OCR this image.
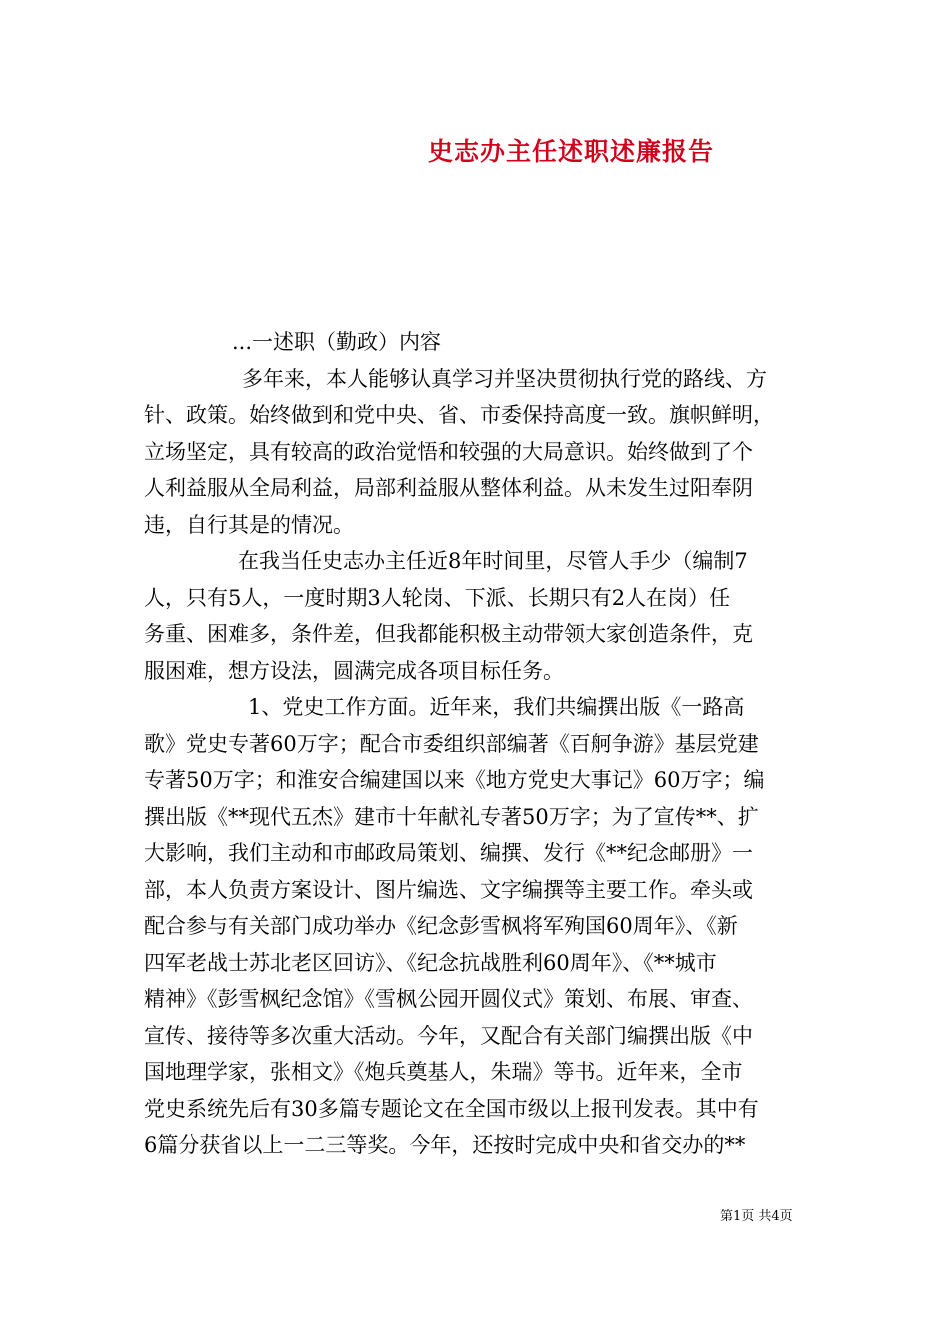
史志办主任述职述廉报告
...一述职（勤政）内容
多年来，本人能够认真学习并坚决贯彻执行党的路线、方
针、政策。始终做到和党中央、省、市委保持高度一致。旗帜鲜明，
立场坚定，具有较高的政治觉悟和较强的大局意识。始终做到了个
人利益服从全局利益，局部利益服从整体利益。从未发生过阳奉阴
违，自行其是的情况。
在我当任史志办主任近8年时间里，尽管人手少（编制7
人，只有5人，一度时期3人轮岗、下派、长期只有2人在岗）任
务重、困难多，条件差，但我都能积极主动带领大家创造条件，克
服困难，想方设法，圆满完成各项目标任务。
1、党史工作方面。近年来，我们共编撰出版《一路高
歌》党史专著60万字；配合市委组织部编著《百舸争游》基层党建
专著50万字；和淮安合编建国以来《地方党史大事记》60万字；编
撰出版《**现代五杰》建市十年献礼专著50万字；为了宣传**、扩
大影响，我们主动和市邮政局策划、编撰、发行《**纪念邮册》一
部，本人负责方案设计、图片编选、文字编撰等主要工作。牵头或
配合参与有关部门成功举办《纪念彭雪枫将军殉国60周年》、《新
四军老战士苏北老区回访》、《纪念抗战胜利60周年》、《**城市
精神》《彭雪枫纪念馆》《雪枫公园开圆仪式》策划、布展、审查、
宣传、接待等多次重大活动。今年，又配合有关部门编撰出版《中
国地理学家，张相文》《炮兵奠基人，朱瑞》等书。近年来，全市
党史系统先后有30多篇专题论文在全国市级以上报刊发表。其中有
6篇分获省以上一二三等奖。今年，还按时完成中央和省交办的**
第1页 共4页
